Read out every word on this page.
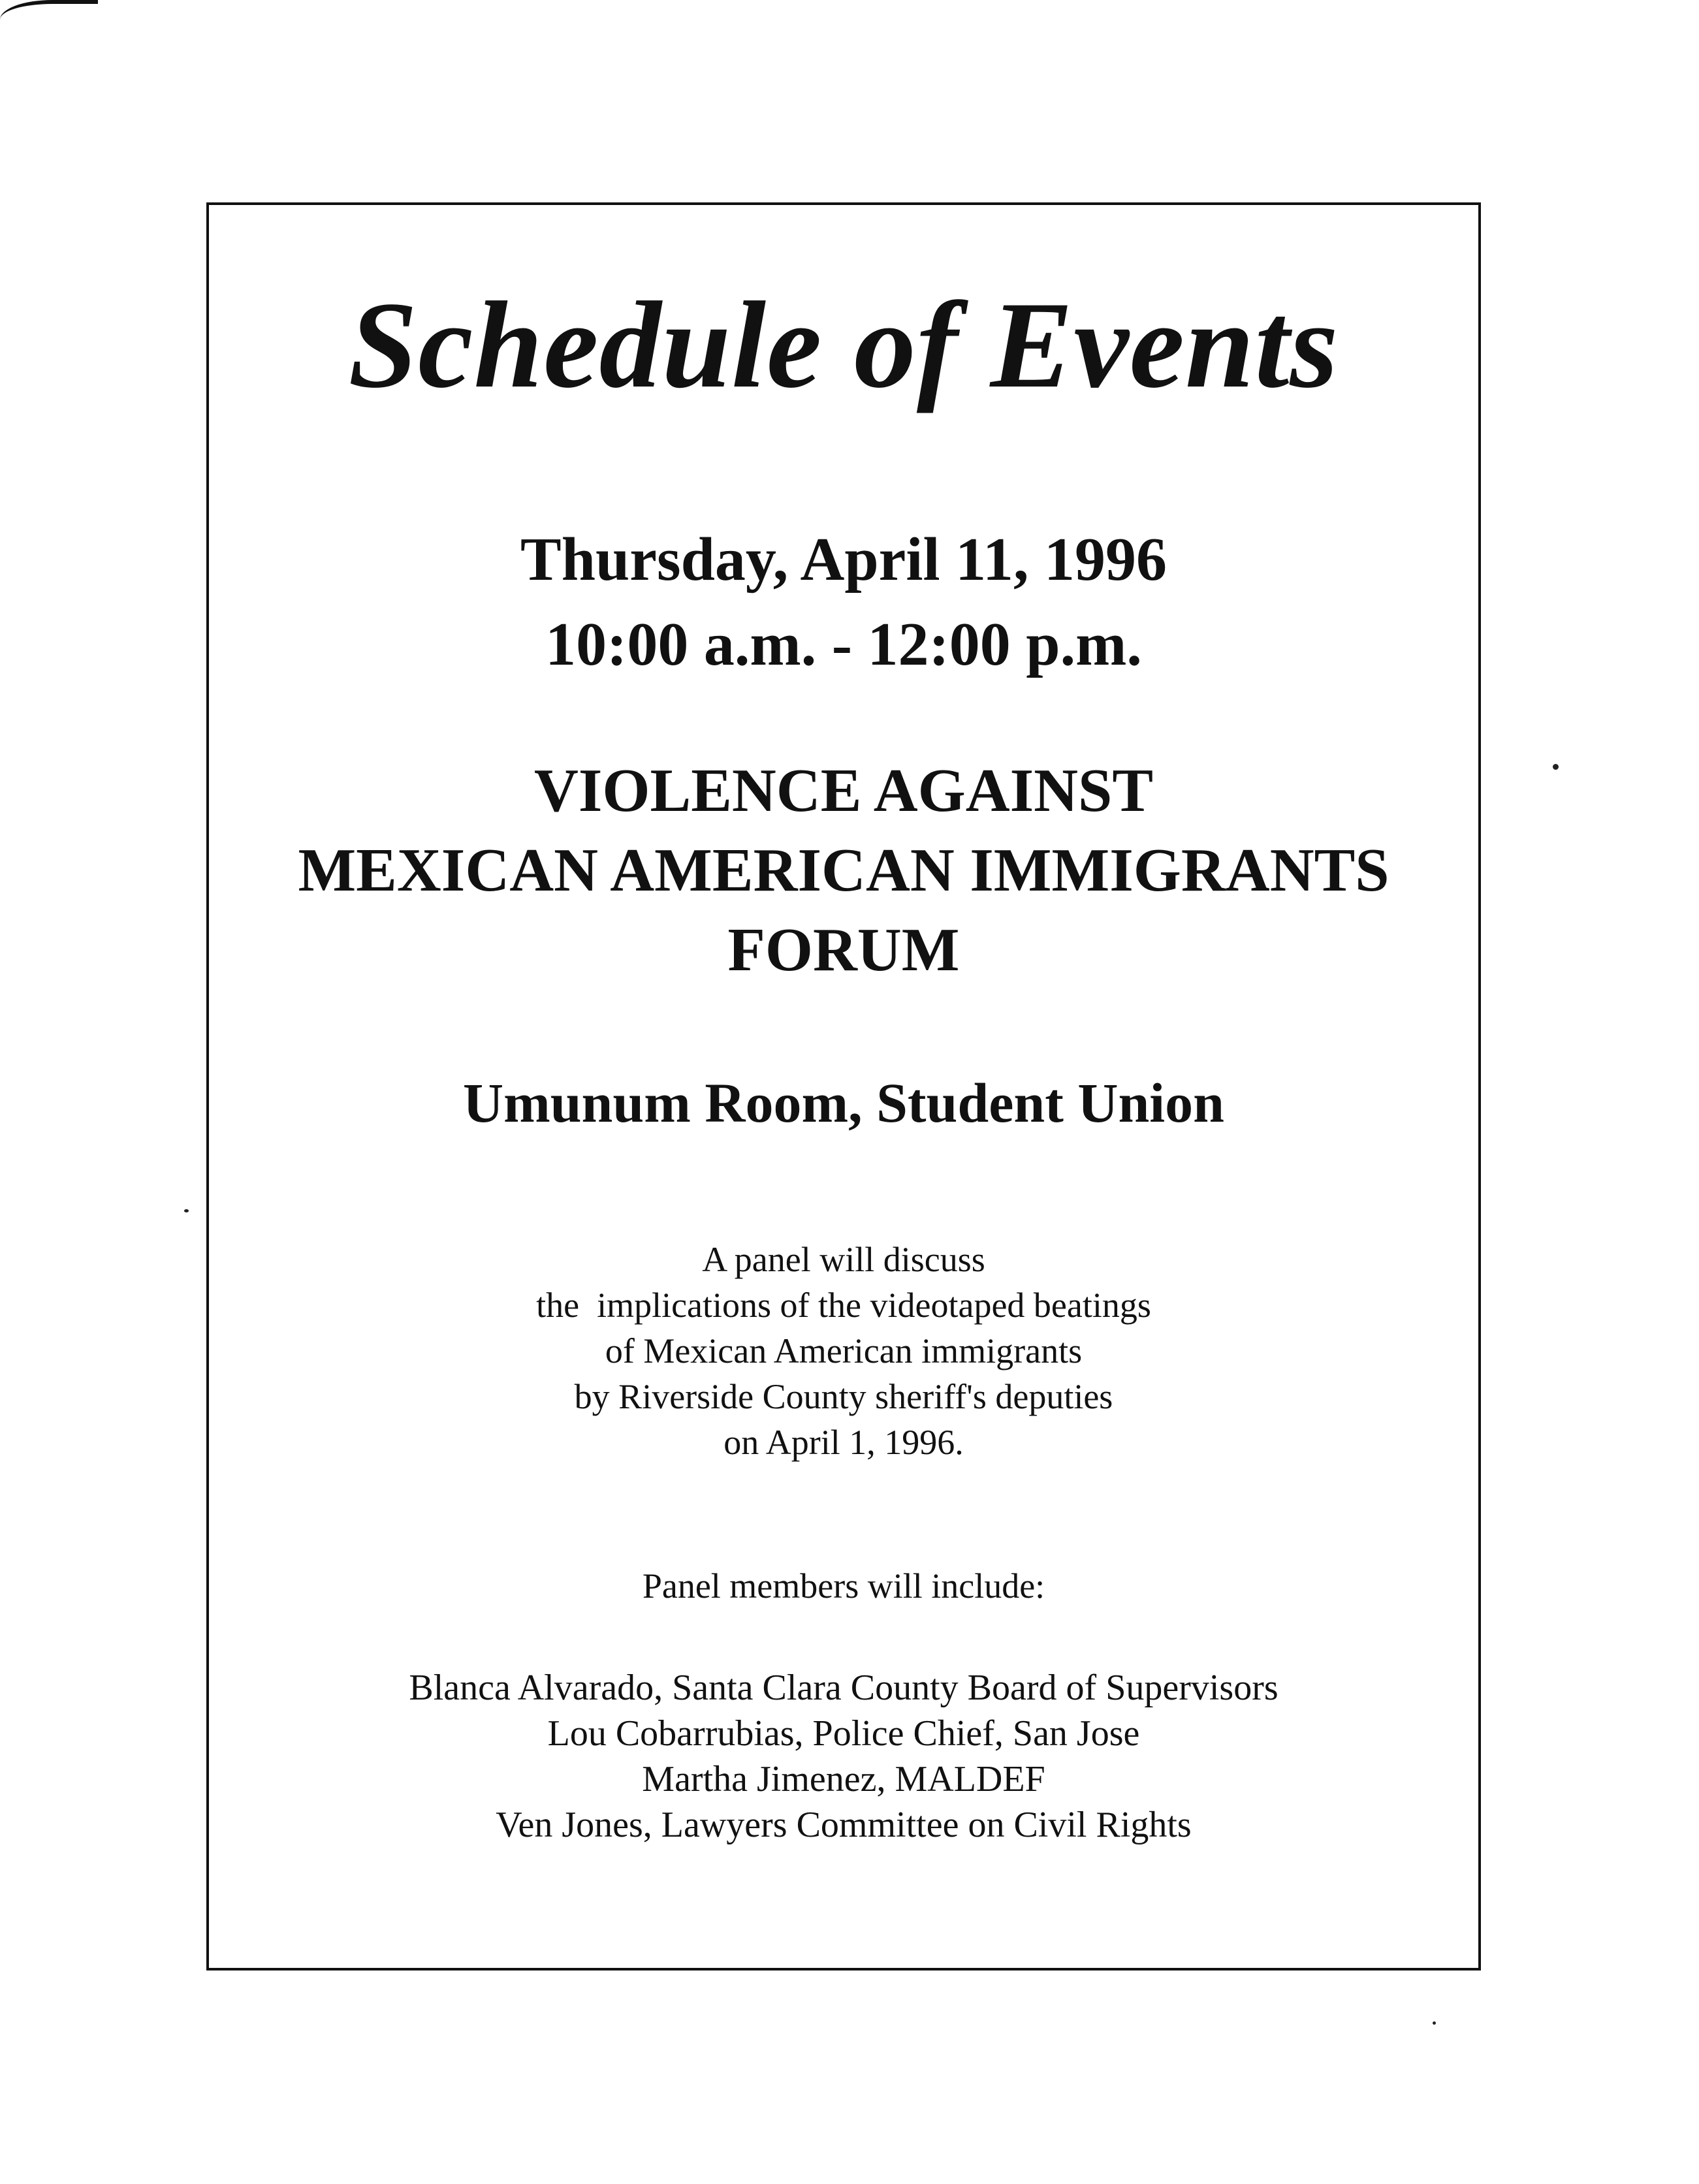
Schedule of Events
Thursday, April 11, 1996
10:00 a.m. - 12:00 p.m.
VIOLENCE AGAINST
MEXICAN AMERICAN IMMIGRANTS
FORUM
Umunum Room, Student Union
A panel will discuss
the  implications of the videotaped beatings
of Mexican American immigrants
by Riverside County sheriff's deputies
on April 1, 1996.
Panel members will include:
Blanca Alvarado, Santa Clara County Board of Supervisors
Lou Cobarrubias, Police Chief, San Jose
Martha Jimenez, MALDEF
Ven Jones, Lawyers Committee on Civil Rights
